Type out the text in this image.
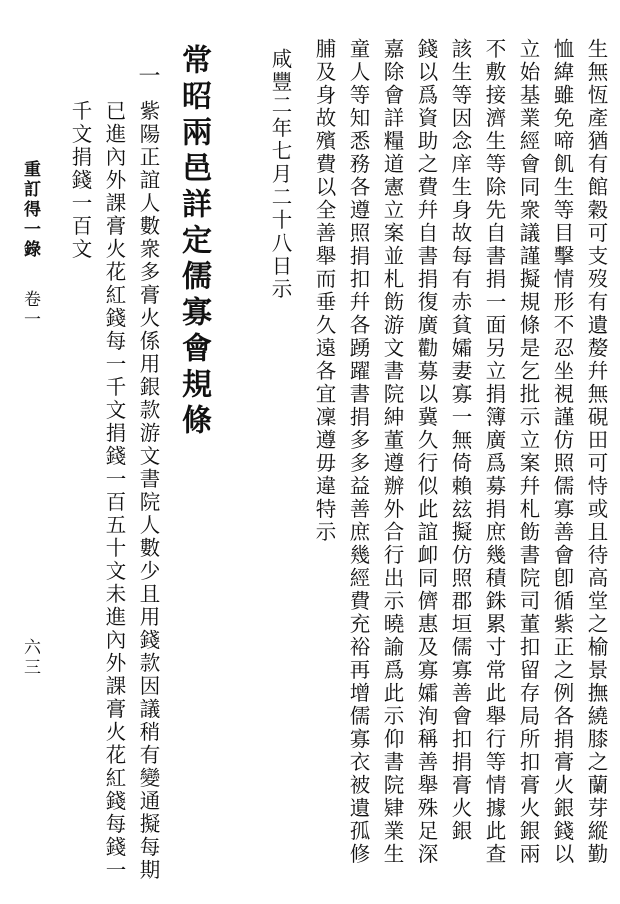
生無恆產猶有館穀可支歿有遺嫠幷無硯田可恃或且待高堂之榆景撫繞膝之蘭芽縱勤
恤緯雖免啼飢生等目擊情形不忍坐視謹仿照儒寡善會卽循紫正之例各捐膏火銀錢以
立始基業經會同衆議謹擬規條是乞批示立案幷札飭書院司董扣留存局所扣膏火銀兩
不敷接濟生等除先自書捐一面另立捐簿廣爲募捐庶幾積銖累寸常此舉行等情據此查
該生等因念庠生身故每有赤貧孀妻寡一無倚賴玆擬仿照郡垣儒寡善會扣捐膏火銀
錢以爲資助之費幷自書捐復廣勸募以冀久行似此誼卹同儕惠及寡孀洵稱善舉殊足深
嘉除會詳糧道憲立案並札飭游文書院紳董遵辦外合行出示曉諭爲此示仰書院肄業生
童人等知悉務各遵照捐扣幷各踴躍書捐多多益善庶幾經費充裕再增儒寡衣被遺孤修
脯及身故殯費以全善舉而垂久遠各宜凜遵毋違特示
咸豐二年七月二十八日示
常昭兩邑詳定儒寡會規條
一
紫陽正誼人數衆多膏火係用銀款游文書院人數少且用錢款因議稍有變通擬每期
已進內外課膏火花紅錢每一千文捐錢一百五十文未進內外課膏火花紅錢每錢一
千文捐錢一百文
重訂得一錄
卷一
六三
